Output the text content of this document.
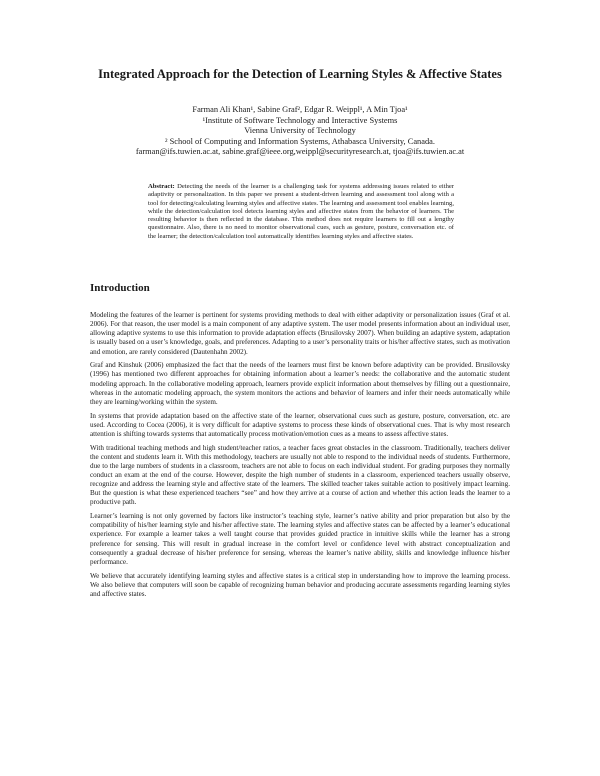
Integrated Approach for the Detection of Learning Styles & Affective States
Farman Ali Khan¹, Sabine Graf², Edgar R. Weippl¹, A Min Tjoa¹
¹Institute of Software Technology and Interactive Systems
Vienna University of Technology
² School of Computing and Information Systems, Athabasca University, Canada.
farman@ifs.tuwien.ac.at, sabine.graf@ieee.org,weippl@securityresearch.at, tjoa@ifs.tuwien.ac.at
Abstract: Detecting the needs of the learner is a challenging task for systems addressing issues related to either adaptivity or personalization. In this paper we present a student-driven learning and assessment tool along with a tool for detecting/calculating learning styles and affective states. The learning and assessment tool enables learning, while the detection/calculation tool detects learning styles and affective states from the behavior of learners. The resulting behavior is then reflected in the database. This method does not require learners to fill out a lengthy questionnaire. Also, there is no need to monitor observational cues, such as gesture, posture, conversation etc. of the learner; the detection/calculation tool automatically identifies learning styles and affective states.
Introduction

Modeling the features of the learner is pertinent for systems providing methods to deal with either adaptivity or personalization issues (Graf et al. 2006). For that reason, the user model is a main component of any adaptive system. The user model presents information about an individual user, allowing adaptive systems to use this information to provide adaptation effects (Brusilovsky 2007). When building an adaptive system, adaptation is usually based on a user’s knowledge, goals, and preferences. Adapting to a user’s personality traits or his/her affective states, such as motivation and emotion, are rarely considered (Dautenhahn 2002).

Graf and Kinshuk (2006) emphasized the fact that the needs of the learners must first be known before adaptivity can be provided. Brusilovsky (1996) has mentioned two different approaches for obtaining information about a learner’s needs: the collaborative and the automatic student modeling approach. In the collaborative modeling approach, learners provide explicit information about themselves by filling out a questionnaire, whereas in the automatic modeling approach, the system monitors the actions and behavior of learners and infer their needs automatically while they are learning/working within the system.

In systems that provide adaptation based on the affective state of the learner, observational cues such as gesture, posture, conversation, etc. are used. According to Cocea (2006), it is very difficult for adaptive systems to process these kinds of observational cues. That is why most research attention is shifting towards systems that automatically process motivation/emotion cues as a means to assess affective states.

With traditional teaching methods and high student/teacher ratios, a teacher faces great obstacles in the classroom. Traditionally, teachers deliver the content and students learn it. With this methodology, teachers are usually not able to respond to the individual needs of students. Furthermore, due to the large numbers of students in a classroom, teachers are not able to focus on each individual student. For grading purposes they normally conduct an exam at the end of the course. However, despite the high number of students in a classroom, experienced teachers usually observe, recognize and address the learning style and affective state of the learners. The skilled teacher takes suitable action to positively impact learning. But the question is what these experienced teachers “see” and how they arrive at a course of action and whether this action leads the learner to a productive path.

Learner’s learning is not only governed by factors like instructor’s teaching style, learner’s native ability and prior preparation but also by the compatibility of his/her learning style and his/her affective state. The learning styles and affective states can be affected by a learner’s educational experience. For example a learner takes a well taught course that provides guided practice in intuitive skills while the learner has a strong preference for sensing. This will result in gradual increase in the comfort level or confidence level with abstract conceptualization and consequently a gradual decrease of his/her preference for sensing, whereas the learner’s native ability, skills and knowledge influence his/her performance.

We believe that accurately identifying learning styles and affective states is a critical step in understanding how to improve the learning process. We also believe that computers will soon be capable of recognizing human behavior and producing accurate assessments regarding learning styles and affective states.
